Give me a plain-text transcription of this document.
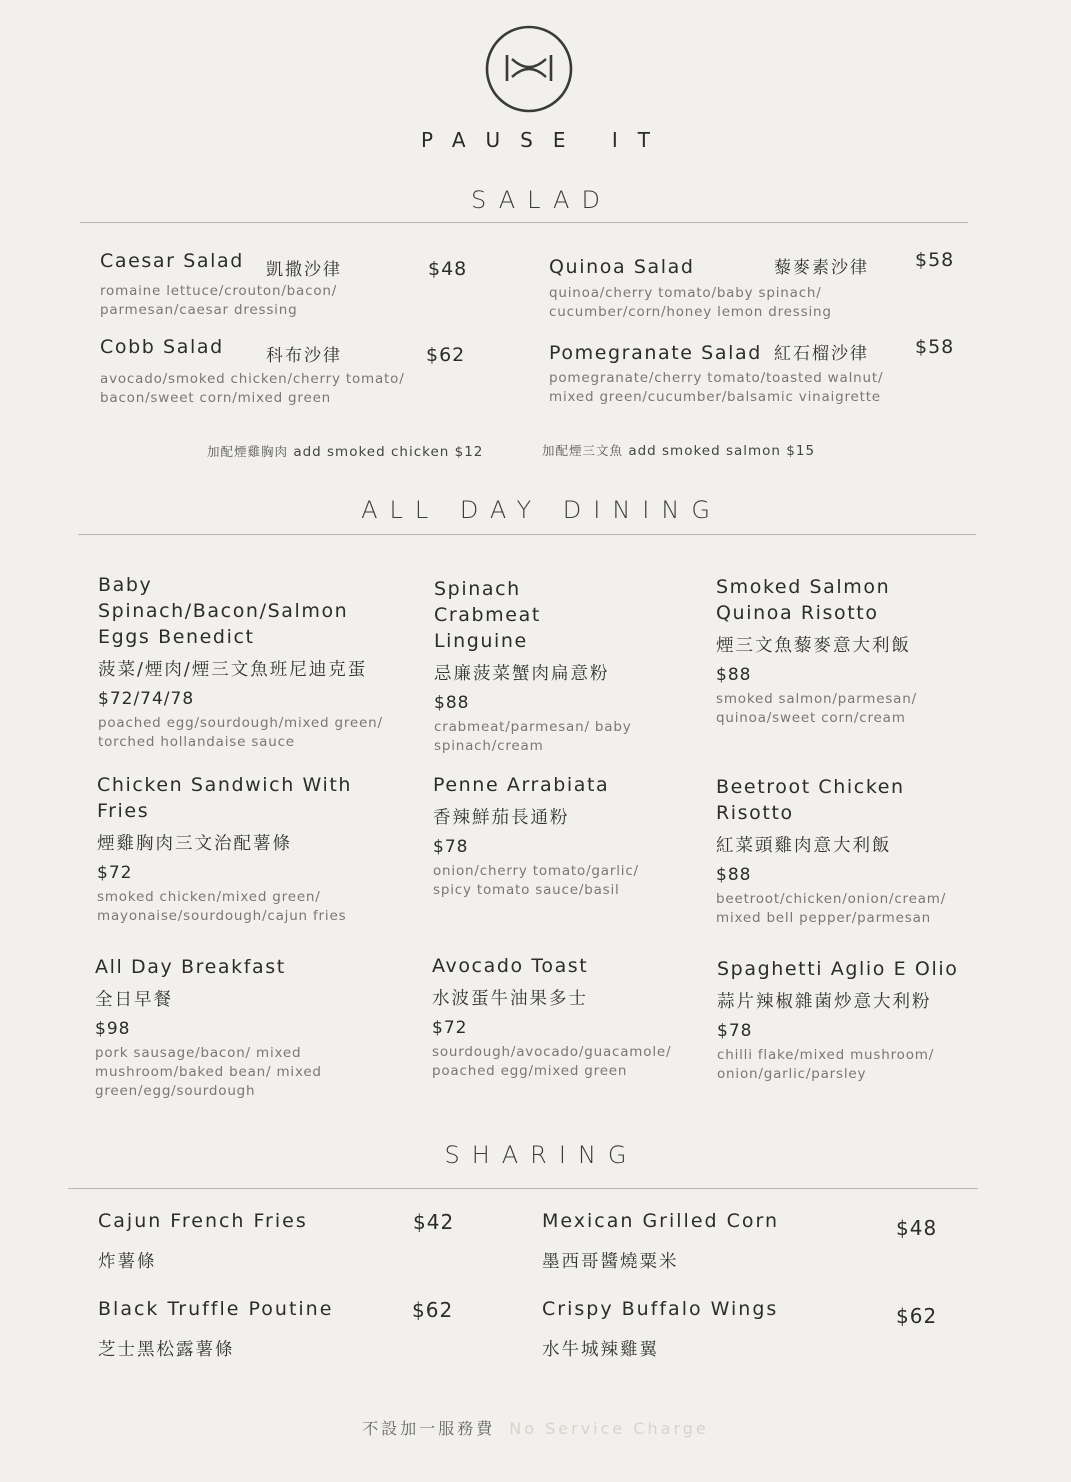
PAUSE IT
SALAD
Caesar Salad 凱撒沙律	$48
romaine lettuce/crouton/bacon/ parmesan/caesar dressing
Quinoa Salad	藜麥素沙律 $58
quinoa/cherry tomato/baby spinach/ cucumber/corn/honey lemon dressing
Cobb Salad 科布沙律	$62
avocado/smoked chicken/cherry tomato/ bacon/sweet corn/mixed green
Pomegranate Salad 紅石榴沙律 $58
pomegranate/cherry tomato/toasted walnut/ mixed green/cucumber/balsamic vinaigrette
加配煙雞胸肉 add smoked chicken $12	加配煙三文魚 add smoked salmon $15
ALL DAY DINING
Baby Spinach/Bacon/Salmon Eggs Benedict
菠菜/煙肉/煙三文魚班尼迪克蛋
$72/74/78
poached egg/sourdough/mixed green/ torched hollandaise sauce
Spinach Crabmeat Linguine
忌廉菠菜蟹肉扁意粉
$88
crabmeat/parmesan/ baby spinach/cream
Smoked Salmon Quinoa Risotto
煙三文魚藜麥意大利飯
$88
smoked salmon/parmesan/ quinoa/sweet corn/cream
Chicken Sandwich With Fries
煙雞胸肉三文治配薯條
$72
smoked chicken/mixed green/ mayonaise/sourdough/cajun fries
Penne Arrabiata
香辣鮮茄長通粉
$78
onion/cherry tomato/garlic/ spicy tomato sauce/basil
Beetroot Chicken Risotto
紅菜頭雞肉意大利飯
$88
beetroot/chicken/onion/cream/ mixed bell pepper/parmesan
All Day Breakfast
全日早餐
$98
pork sausage/bacon/ mixed mushroom/baked bean/ mixed green/egg/sourdough
Avocado Toast
水波蛋牛油果多士
$72
sourdough/avocado/guacamole/ poached egg/mixed green
Spaghetti Aglio E Olio
蒜片辣椒雜菌炒意大利粉
$78
chilli flake/mixed mushroom/ onion/garlic/parsley
SHARING
Cajun French Fries
炸薯條
$42	Mexican Grilled Corn
墨西哥醬燒粟米
$48
Black Truffle Poutine
芝士黑松露薯條
$62	Crispy Buffalo Wings
水牛城辣雞翼
$62
不設加一服務費 No Service Charge
